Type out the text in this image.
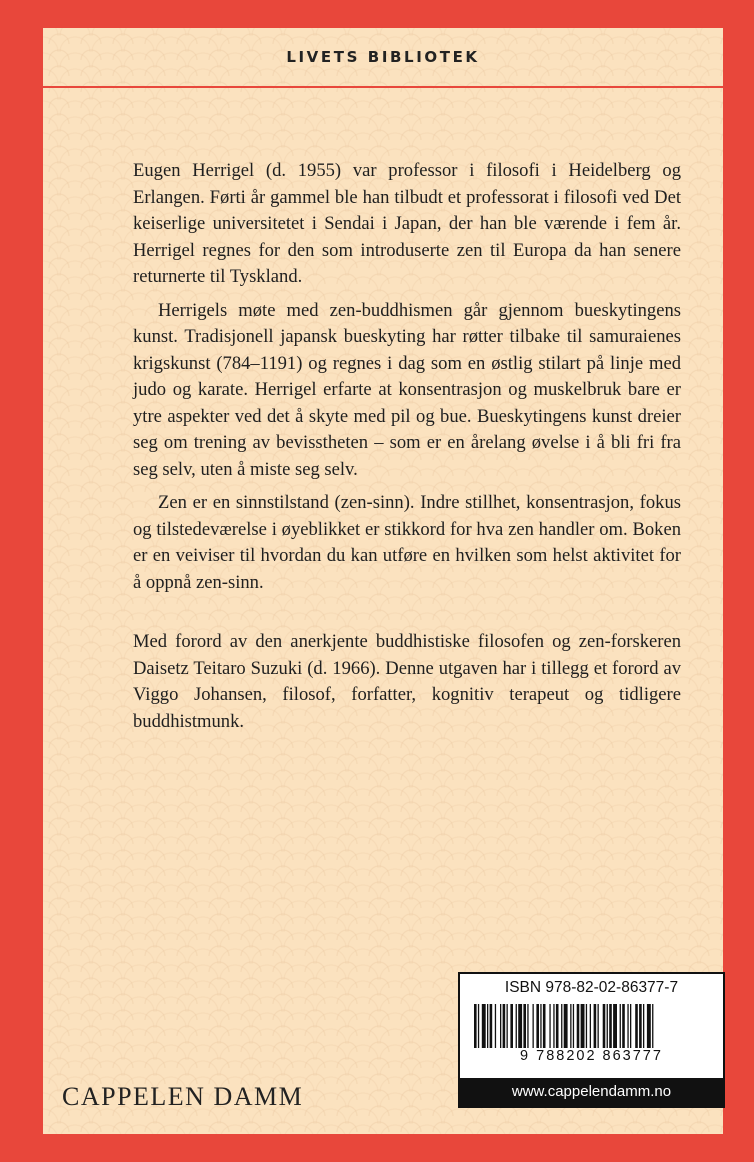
LIVETS BIBLIOTEK

Eugen Herrigel (d. 1955) var professor i filosofi i Heidelberg og Erlangen. Førti år gammel ble han tilbudt et professorat i filosofi ved Det keiserlige universitetet i Sendai i Japan, der han ble værende i fem år. Herrigel regnes for den som introduserte zen til Europa da han senere returnerte til Tyskland.

Herrigels møte med zen-buddhismen går gjennom bueskytingens kunst. Tradisjonell japansk bueskyting har røtter tilbake til samuraienes krigskunst (784–1191) og regnes i dag som en østlig stilart på linje med judo og karate. Herrigel erfarte at konsentrasjon og muskelbruk bare er ytre aspekter ved det å skyte med pil og bue. Bueskytingens kunst dreier seg om trening av bevisstheten – som er en årelang øvelse i å bli fri fra seg selv, uten å miste seg selv.

Zen er en sinnstilstand (zen-sinn). Indre stillhet, konsentrasjon, fokus og tilstedeværelse i øyeblikket er stikkord for hva zen handler om. Boken er en veiviser til hvordan du kan utføre en hvilken som helst aktivitet for å oppnå zen-sinn.

Med forord av den anerkjente buddhistiske filosofen og zen-forskeren Daisetz Teitaro Suzuki (d. 1966). Denne utgaven har i tillegg et forord av Viggo Johansen, filosof, forfatter, kognitiv terapeut og tidligere buddhistmunk.

CAPPELEN DAMM
ISBN 978-82-02-86377-7
9 788202 863777
www.cappelendamm.no
